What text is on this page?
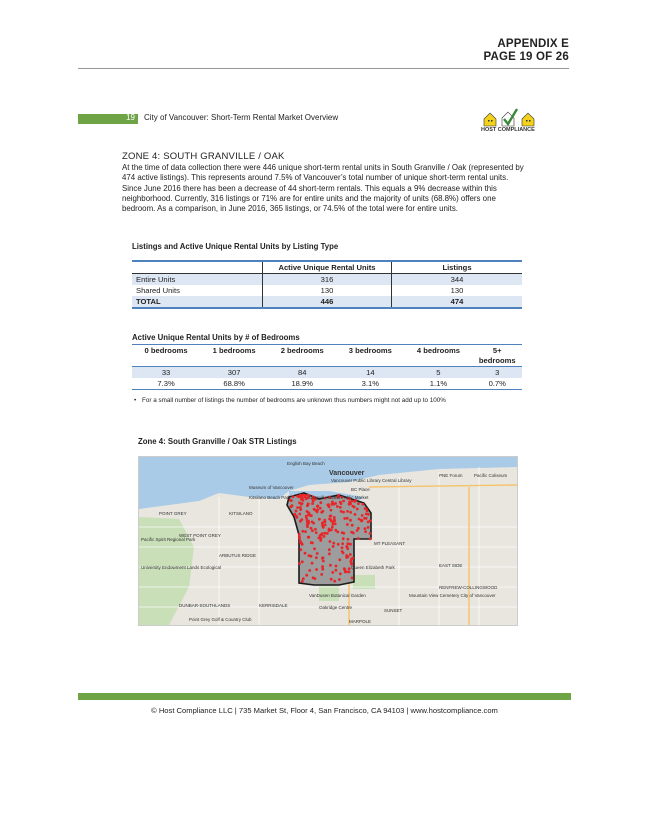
APPENDIX E
PAGE 19 OF 26
19 City of Vancouver: Short-Term Rental Market Overview
HOST COMPLIANCE
ZONE 4: SOUTH GRANVILLE / OAK

At the time of data collection there were 446 unique short-term rental units in South Granville / Oak (represented by 474 active listings). This represents around 7.5% of Vancouver’s total number of unique short-term rental units. Since June 2016 there has been a decrease of 44 short-term rentals. This equals a 9% decrease within this neighborhood. Currently, 316 listings or 71% are for entire units and the majority of units (68.8%) offers one bedroom. As a comparison, in June 2016, 365 listings, or 74.5% of the total were for entire units.

Listings and Active Unique Rental Units by Listing Type
	Active Unique Rental Units	Listings
Entire Units	316	344
Shared Units	130	130
TOTAL	446	474
Active Unique Rental Units by # of Bedrooms
0 bedrooms	1 bedrooms	2 bedrooms	3 bedrooms	4 bedrooms	5+ bedrooms
33	307	84	14	5	3
7.3%	68.8%	18.9%	3.1%	1.1%	0.7%
• For a small number of listings the number of bedrooms are unknown thus numbers might not add up to 100%
Zone 4: South Granville / Oak STR Listings
English Bay Beach
Vancouver
Vancouver Public Library Central Library
BC Place
Museum of Vancouver
Kitsilano Beach Park	Granville Island Public Market
PNE Forum	Pacific Coliseum
POINT GREY	KITSILANO
WEST POINT GREY
MT PLEASANT
ARBUTUS RIDGE
Queen Elizabeth Park
VanDusen Botanical Garden
Pacific Spirit Regional Park
University Endowment Lands Ecological
DUNBAR-SOUTHLANDS	KERRISDALE
MARPOLE
RENFREW-COLLINGWOOD
Mountain View Cemetery City of Vancouver
EAST SIDE
Point Grey Golf & Country Club
SUNSET
Oakridge Centre
© Host Compliance LLC | 735 Market St, Floor 4, San Francisco, CA 94103 | www.hostcompliance.com
